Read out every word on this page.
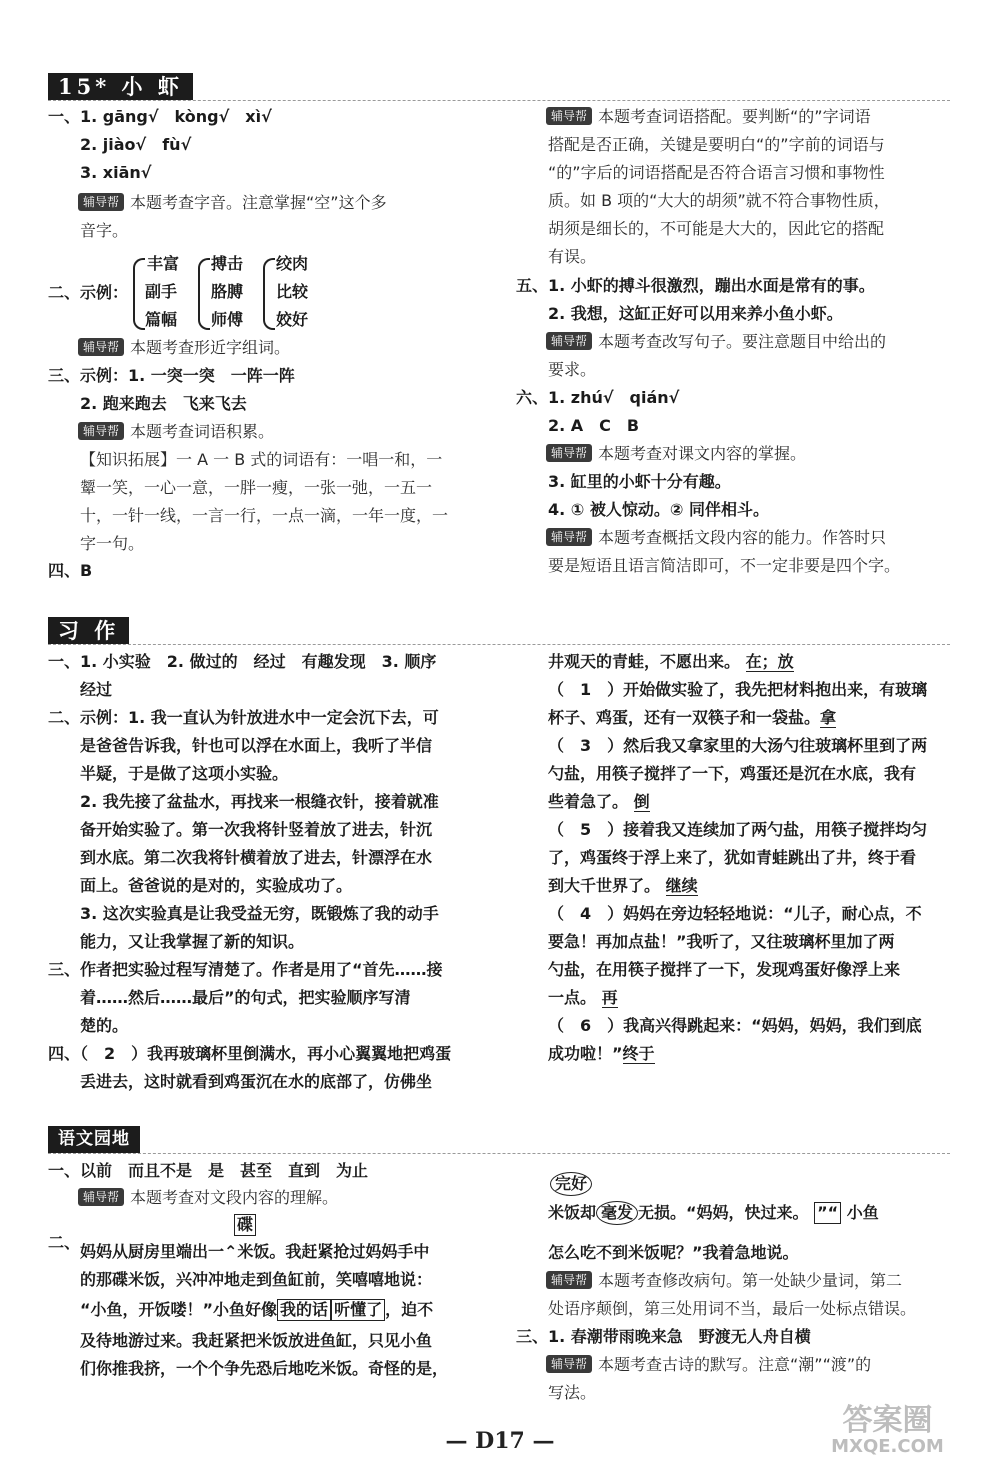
15* 小 虾
一、1. gāng√　kòng√　xì√
2. jiào√　fù√
3. xiān√
辅导帮 本题考查字音。注意掌握“空”这个多
音字。
二、示例：
丰富
副手
篇幅
搏击
胳膊
师傅
绞肉
比较
姣好
辅导帮 本题考查形近字组词。
三、示例：1. 一突一突　一阵一阵
2. 跑来跑去　飞来飞去
辅导帮 本题考查词语积累。
【知识拓展】一 A 一 B 式的词语有：一唱一和，一
颦一笑，一心一意，一胖一瘦，一张一弛，一五一
十，一针一线，一言一行，一点一滴，一年一度，一
字一句。
四、B
辅导帮 本题考查词语搭配。要判断“的”字词语
搭配是否正确，关键是要明白“的”字前的词语与
“的”字后的词语搭配是否符合语言习惯和事物性
质。如 B 项的“大大的胡须”就不符合事物性质，
胡须是细长的，不可能是大大的，因此它的搭配
有误。
五、1. 小虾的搏斗很激烈，蹦出水面是常有的事。
2. 我想，这缸正好可以用来养小鱼小虾。
辅导帮 本题考查改写句子。要注意题目中给出的
要求。
六、1. zhú√　qián√
2. A　C　B
辅导帮 本题考查对课文内容的掌握。
3. 缸里的小虾十分有趣。
4. ① 被人惊动。② 同伴相斗。
辅导帮 本题考查概括文段内容的能力。作答时只
要是短语且语言简洁即可，不一定非要是四个字。
习 作
一、1. 小实验　2. 做过的　经过　有趣发现　3. 顺序
经过
二、示例：1. 我一直认为针放进水中一定会沉下去，可
是爸爸告诉我，针也可以浮在水面上，我听了半信
半疑，于是做了这项小实验。
2. 我先接了盆盐水，再找来一根缝衣针，接着就准
备开始实验了。第一次我将针竖着放了进去，针沉
到水底。第二次我将针横着放了进去，针漂浮在水
面上。爸爸说的是对的，实验成功了。
3. 这次实验真是让我受益无穷，既锻炼了我的动手
能力，又让我掌握了新的知识。
三、作者把实验过程写清楚了。作者是用了“首先……接
着……然后……最后”的句式，把实验顺序写清
楚的。
四、（　2　）我再玻璃杯里倒满水，再小心翼翼地把鸡蛋
丢进去，这时就看到鸡蛋沉在水的底部了，仿佛坐
井观天的青蛙，不愿出来。 在；放
（　1　）开始做实验了，我先把材料抱出来，有玻璃
杯子、鸡蛋，还有一双筷子和一袋盐。拿
（　3　）然后我又拿家里的大汤勺往玻璃杯里到了两
勺盐，用筷子搅拌了一下，鸡蛋还是沉在水底，我有
些着急了。 倒
（　5　）接着我又连续加了两勺盐，用筷子搅拌均匀
了，鸡蛋终于浮上来了，犹如青蛙跳出了井，终于看
到大千世界了。 继续
（　4　）妈妈在旁边轻轻地说：“儿子，耐心点，不
要急！再加点盐！”我听了，又往玻璃杯里加了两
勺盐，在用筷子搅拌了一下，发现鸡蛋好像浮上来
一点。 再
（　6　）我高兴得跳起来：“妈妈，妈妈，我们到底
成功啦！”终于
语文园地
一、以前　而且不是　是　甚至　直到　为止
辅导帮 本题考查对文段内容的理解。
二、
碟
妈妈从厨房里端出一⌃米饭。我赶紧抢过妈妈手中
的那碟米饭，兴冲冲地走到鱼缸前，笑嘻嘻地说：
“小鱼，开饭喽！”小鱼好像 我的话 听懂了 ，迫不
及待地游过来。我赶紧把米饭放进鱼缸，只见小鱼
们你推我挤，一个个争先恐后地吃米饭。奇怪的是，
完好
米饭却 毫发 无损。“妈妈，快过来。 ”“ 小鱼
怎么吃不到米饭呢？”我着急地说。
辅导帮 本题考查修改病句。第一处缺少量词，第二
处语序颠倒，第三处用词不当，最后一处标点错误。
三、1. 春潮带雨晚来急　野渡无人舟自横
辅导帮 本题考查古诗的默写。注意“潮”“渡”的
写法。
— D17 —
答案圈
MXQE.COM
